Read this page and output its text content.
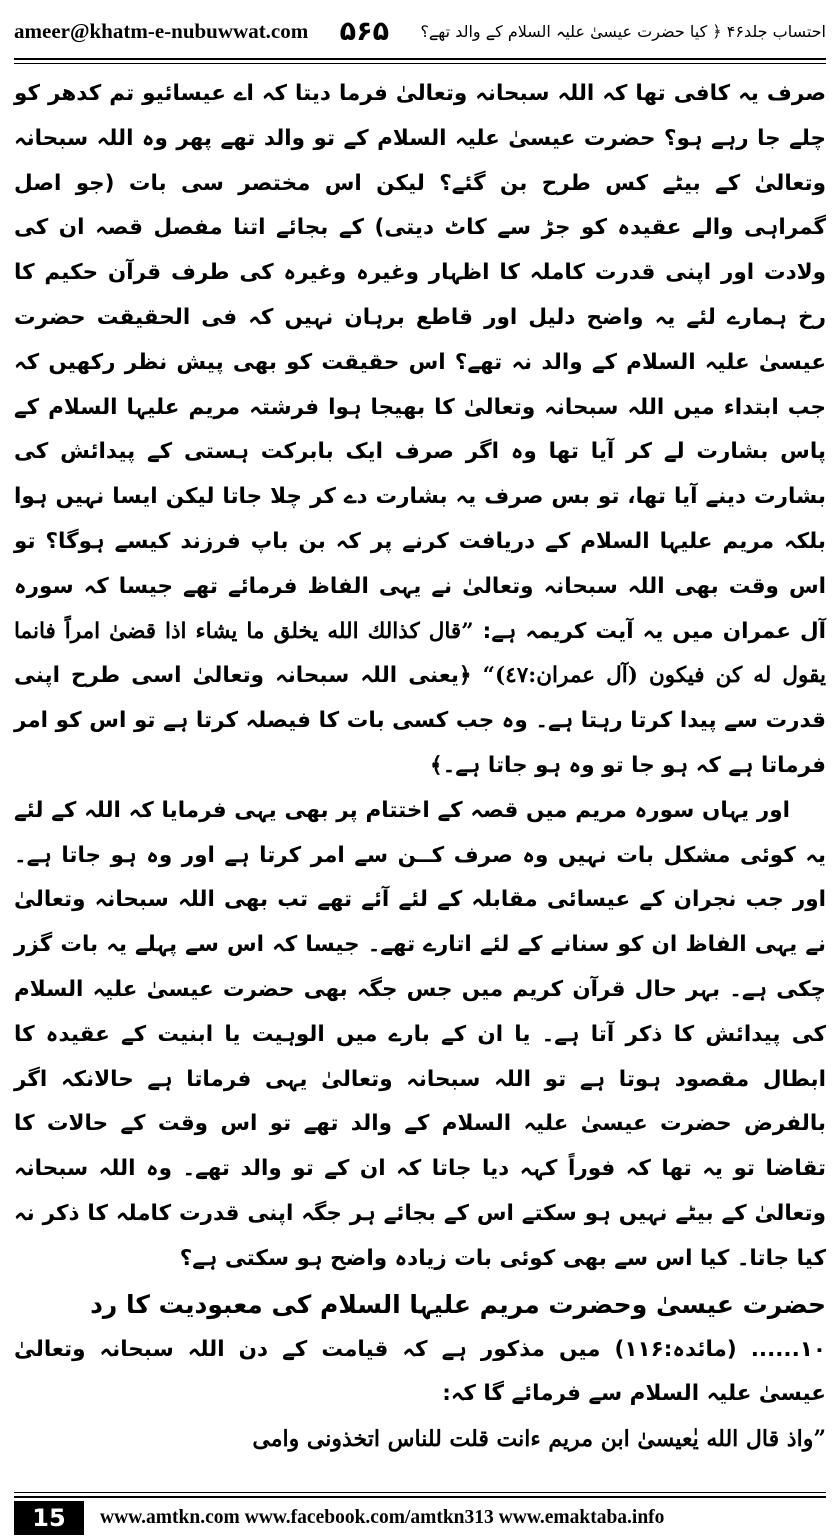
ameer@khatm-e-nubuwwat.com ۵۶۵ احتساب جلد۴۶ ﴿ کیا حضرت عیسیٰ علیہ السلام کے والد تھے؟

صرف یہ کافی تھا کہ اللہ سبحانہ وتعالیٰ فرما دیتا کہ اے عیسائیو تم کدھر کو چلے جا رہے ہو؟ حضرت عیسیٰ علیہ السلام کے تو والد تھے پھر وہ اللہ سبحانہ وتعالیٰ کے بیٹے کس طرح بن گئے؟ لیکن اس مختصر سی بات (جو اصل گمراہی والے عقیدہ کو جڑ سے کاٹ دیتی) کے بجائے اتنا مفصل قصہ ان کی ولادت اور اپنی قدرت کاملہ کا اظہار وغیرہ وغیرہ کی طرف قرآن حکیم کا رخ ہمارے لئے یہ واضح دلیل اور قاطع برہان نہیں کہ فی الحقیقت حضرت عیسیٰ علیہ السلام کے والد نہ تھے؟ اس حقیقت کو بھی پیش نظر رکھیں کہ جب ابتداء میں اللہ سبحانہ وتعالیٰ کا بھیجا ہوا فرشتہ مریم علیہا السلام کے پاس بشارت لے کر آیا تھا وہ اگر صرف ایک بابرکت ہستی کے پیدائش کی بشارت دینے آیا تھا، تو بس صرف یہ بشارت دے کر چلا جاتا لیکن ایسا نہیں ہوا بلکہ مریم علیہا السلام کے دریافت کرنے پر کہ بن باپ فرزند کیسے ہوگا؟ تو اس وقت بھی اللہ سبحانہ وتعالیٰ نے یہی الفاظ فرمائے تھے جیسا کہ سورہ آل عمران میں یہ آیت کریمہ ہے: ”قال كذالك الله يخلق ما يشاء اذا قضىٰ امراً فانما يقول له كن فيكون (آل عمران:٤٧)“ ﴿یعنی اللہ سبحانہ وتعالیٰ اسی طرح اپنی قدرت سے پیدا کرتا رہتا ہے۔ وہ جب کسی بات کا فیصلہ کرتا ہے تو اس کو امر فرماتا ہے کہ ہو جا تو وہ ہو جاتا ہے۔﴾

اور یہاں سورہ مریم میں قصہ کے اختتام پر بھی یہی فرمایا کہ اللہ کے لئے یہ کوئی مشکل بات نہیں وہ صرف کــن سے امر کرتا ہے اور وہ ہو جاتا ہے۔ اور جب نجران کے عیسائی مقابلہ کے لئے آئے تھے تب بھی اللہ سبحانہ وتعالیٰ نے یہی الفاظ ان کو سنانے کے لئے اتارے تھے۔ جیسا کہ اس سے پہلے یہ بات گزر چکی ہے۔ بہر حال قرآن کریم میں جس جگہ بھی حضرت عیسیٰ علیہ السلام کی پیدائش کا ذکر آتا ہے۔ یا ان کے بارے میں الوہیت یا ابنیت کے عقیدہ کا ابطال مقصود ہوتا ہے تو اللہ سبحانہ وتعالیٰ یہی فرماتا ہے حالانکہ اگر بالفرض حضرت عیسیٰ علیہ السلام کے والد تھے تو اس وقت کے حالات کا تقاضا تو یہ تھا کہ فوراً کہہ دیا جاتا کہ ان کے تو والد تھے۔ وہ اللہ سبحانہ وتعالیٰ کے بیٹے نہیں ہو سکتے اس کے بجائے ہر جگہ اپنی قدرت کاملہ کا ذکر نہ کیا جاتا۔ کیا اس سے بھی کوئی بات زیادہ واضح ہو سکتی ہے؟

حضرت عیسیٰ وحضرت مریم علیہا السلام کی معبودیت کا رد

۱۰...... (مائدہ:۱۱۶) میں مذکور ہے کہ قیامت کے دن اللہ سبحانہ وتعالیٰ عیسیٰ علیہ السلام سے فرمائے گا کہ:

”واذ قال الله يٰعيسىٰ ابن مريم ءانت قلت للناس اتخذونى وامى

15	www.amtkn.com www.facebook.com/amtkn313 www.emaktaba.info
